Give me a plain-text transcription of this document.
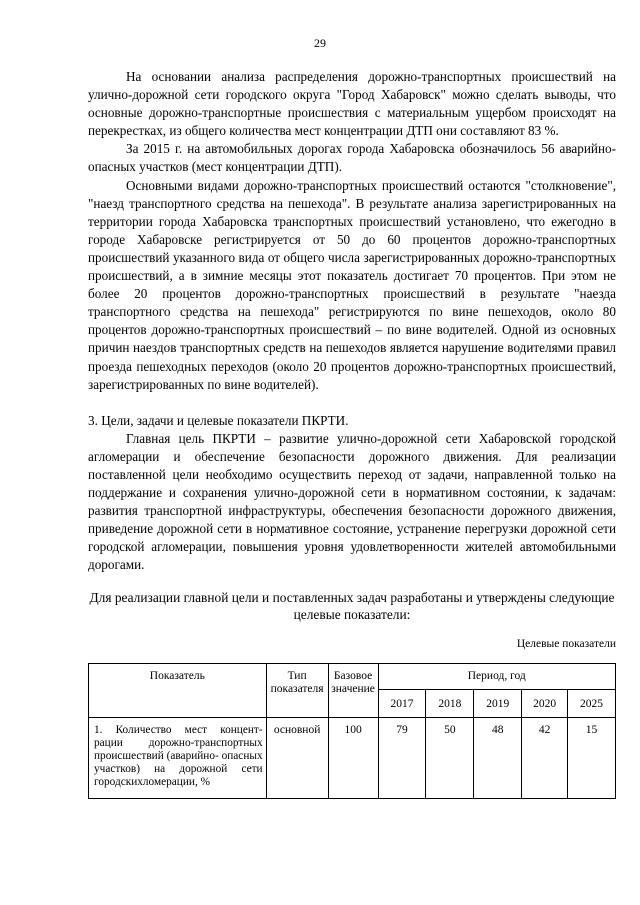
29

На основании анализа распределения дорожно-транспортных происшествий на улично-дорожной сети городского округа "Город Хабаровск" можно сделать выводы, что основные дорожно-транспортные происшествия с материальным ущербом происходят на перекрестках, из общего количества мест концентрации ДТП они составляют 83 %.

За 2015 г. на автомобильных дорогах города Хабаровска обозначилось 56 аварийно-опасных участков (мест концентрации ДТП).

Основными видами дорожно-транспортных происшествий остаются "столкновение", "наезд транспортного средства на пешехода". В результате анализа зарегистрированных на территории города Хабаровска транспортных происшествий установлено, что ежегодно в городе Хабаровске регистрируется от 50 до 60 процентов дорожно-транспортных происшествий указанного вида от общего числа зарегистрированных дорожно-транспортных происшествий, а в зимние месяцы этот показатель достигает 70 процентов. При этом не более 20 процентов дорожно-транспортных происшествий в результате "наезда транспортного средства на пешехода" регистрируются по вине пешеходов, около 80 процентов дорожно-транспортных происшествий – по вине водителей. Одной из основных причин наездов транспортных средств на пешеходов является нарушение водителями правил проезда пешеходных переходов (около 20 процентов дорожно-транспортных происшествий, зарегистрированных по вине водителей).

3. Цели, задачи и целевые показатели ПКРТИ.

Главная цель ПКРТИ – развитие улично-дорожной сети Хабаровской городской агломерации и обеспечение безопасности дорожного движения. Для реализации поставленной цели необходимо осуществить переход от задачи, направленной только на поддержание и сохранения улично-дорожной сети в нормативном состоянии, к задачам: развития транспортной инфраструктуры, обеспечения безопасности дорожного движения, приведение дорожной сети в нормативное состояние, устранение перегрузки дорожной сети городской агломерации, повышения уровня удовлетворенности жителей автомобильными дорогами.

Для реализации главной цели и поставленных задач разработаны и утверждены следующие целевые показатели:

Целевые показатели

Показатель	Тип показателя	Базовое значение	Период, год				
			2017	2018	2019	2020	2025
1. Количество мест концент- рации дорожно-транспортных происшествий (аварийно- опасных участков) на дорожной сети городскихломерации, %	основной	100	79	50	48	42	15
